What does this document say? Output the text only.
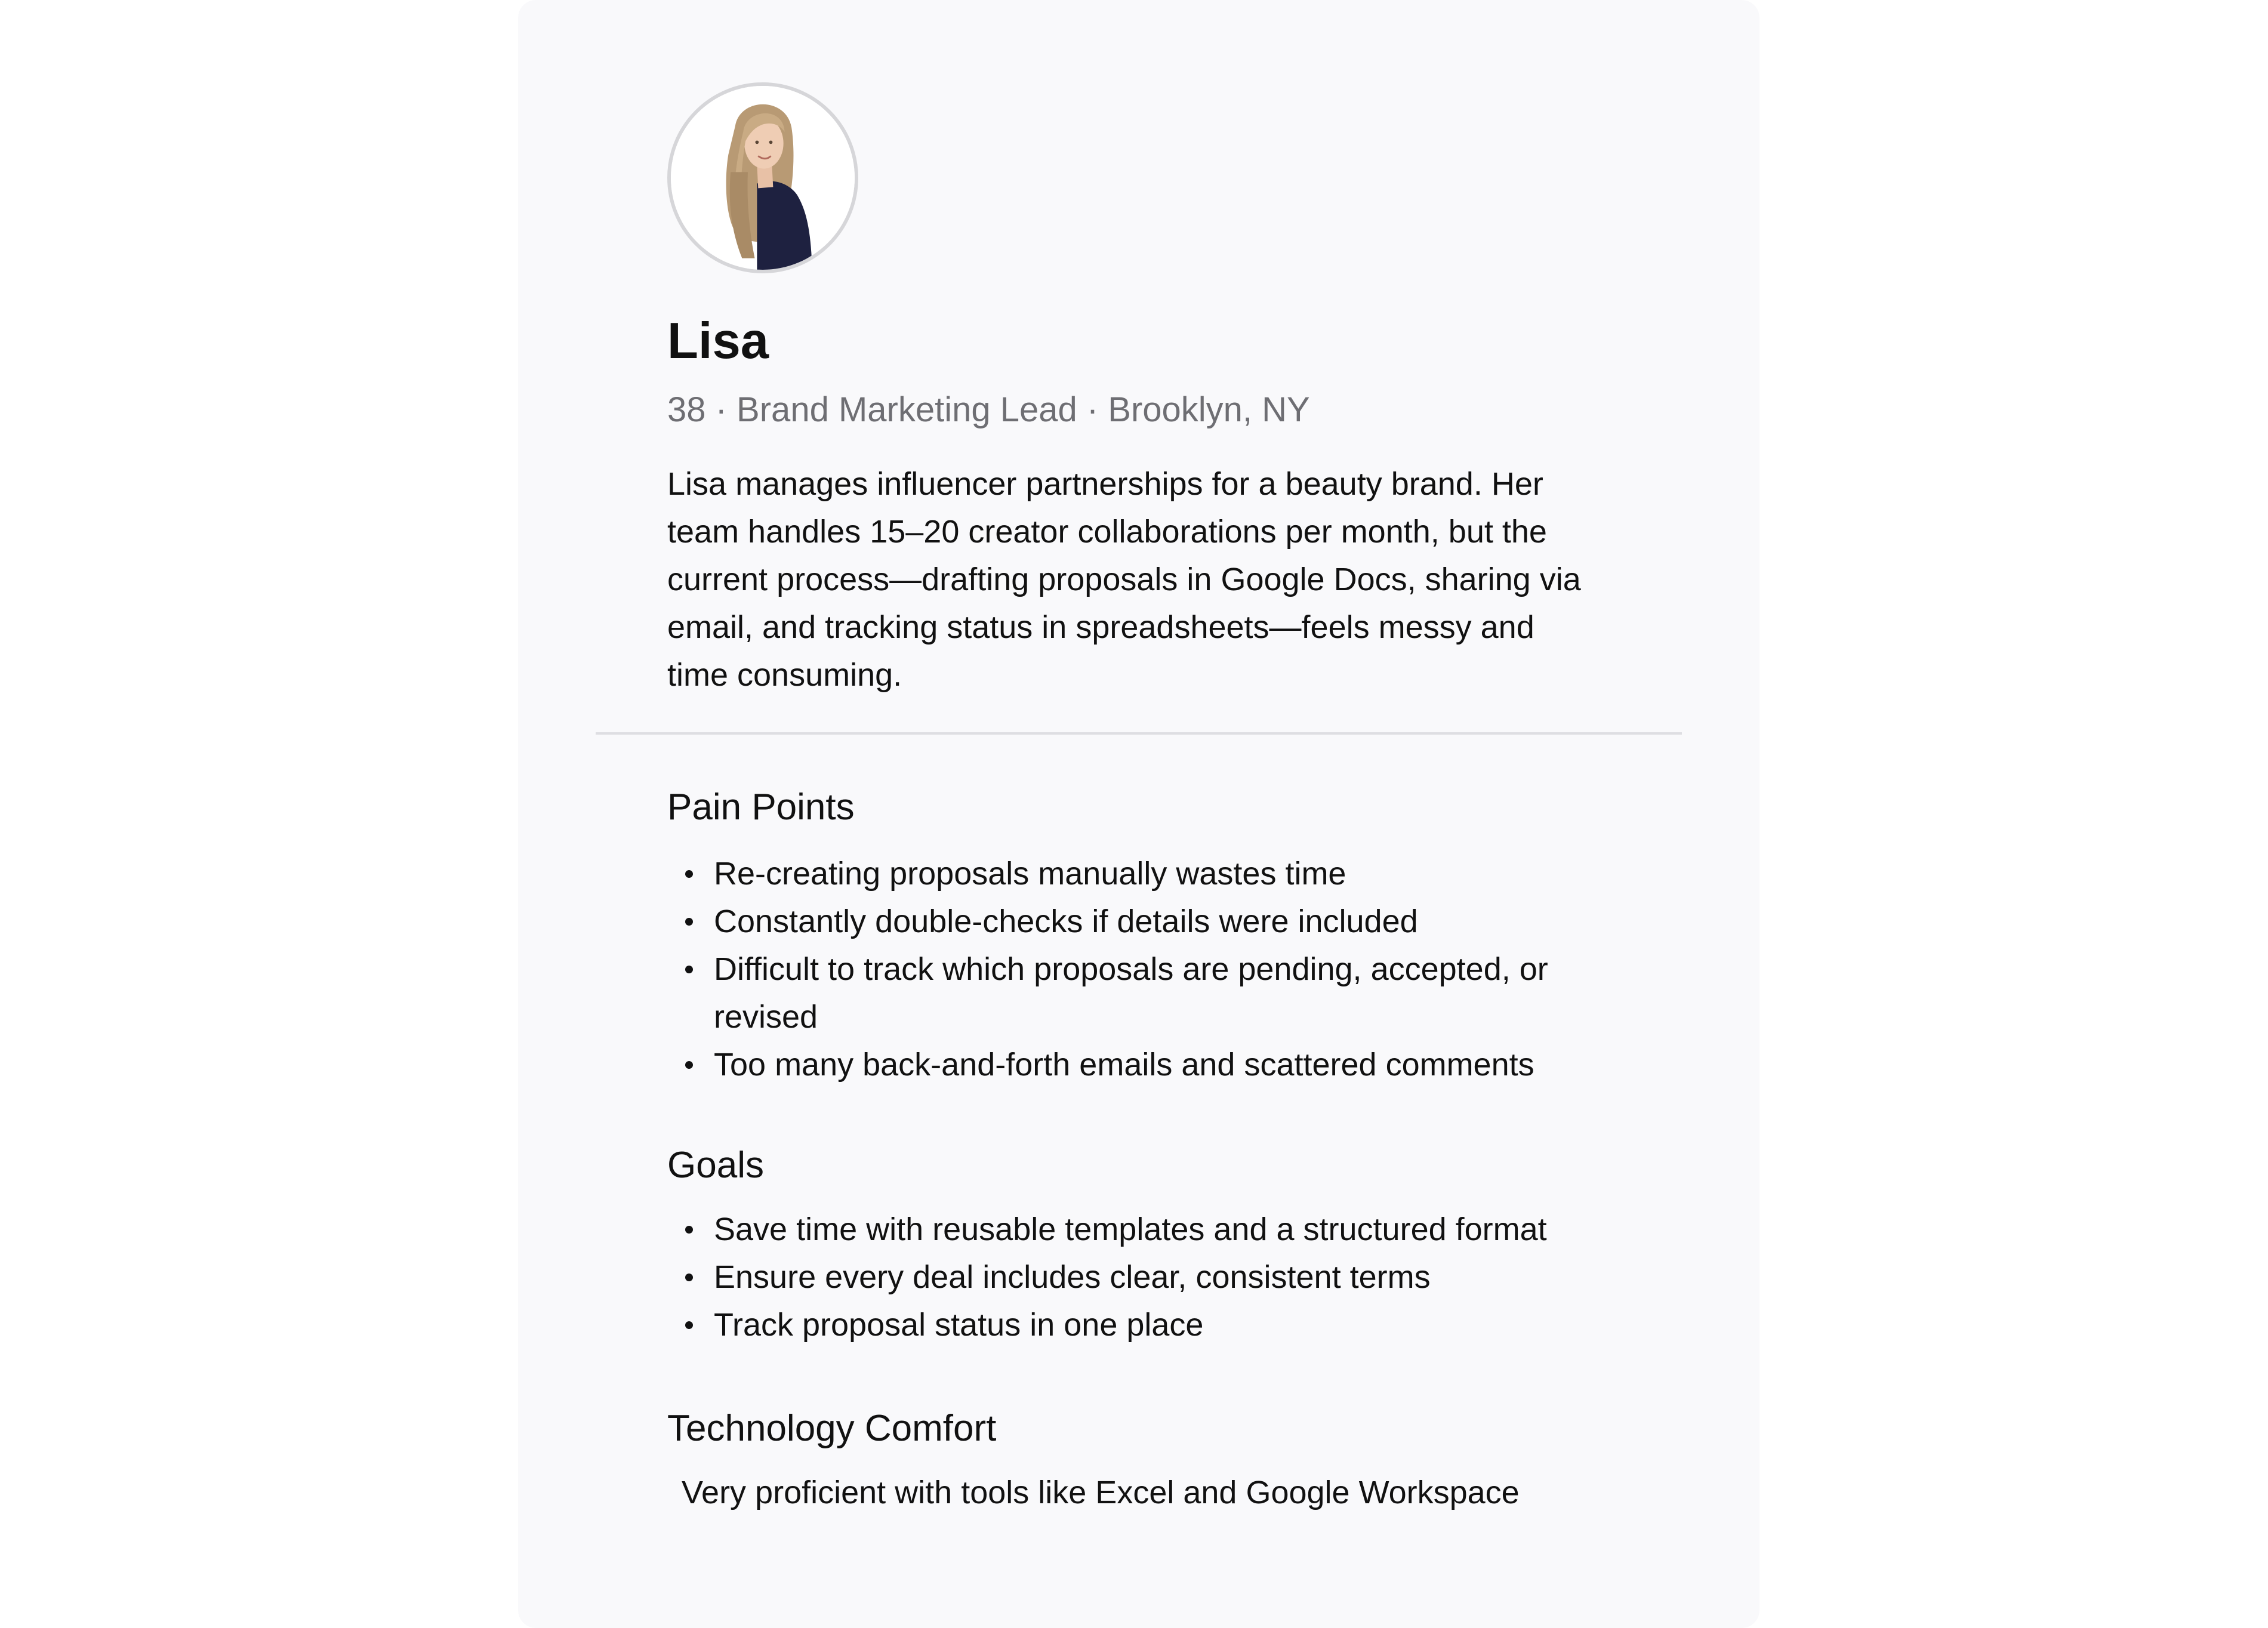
Lisa
38 · Brand Marketing Lead · Brooklyn, NY

Lisa manages influencer partnerships for a beauty brand. Her team handles 15–20 creator collaborations per month, but the current process—drafting proposals in Google Docs, sharing via email, and tracking status in spreadsheets—feels messy and time consuming.

Pain Points
Re-creating proposals manually wastes time
Constantly double-checks if details were included
Difficult to track which proposals are pending, accepted, or revised
Too many back-and-forth emails and scattered comments
Goals
Save time with reusable templates and a structured format
Ensure every deal includes clear, consistent terms
Track proposal status in one place
Technology Comfort
Very proficient with tools like Excel and Google Workspace
